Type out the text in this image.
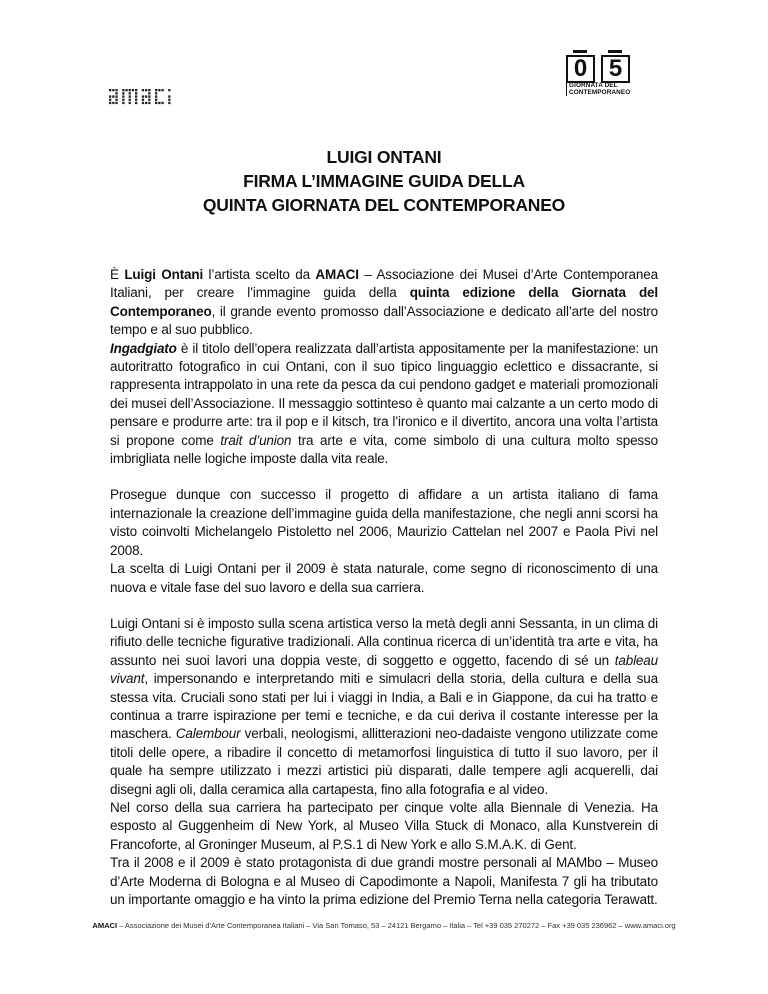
0 5
GIORNATA DEL
CONTEMPORANEO
LUIGI ONTANI
FIRMA L’IMMAGINE GUIDA DELLA
QUINTA GIORNATA DEL CONTEMPORANEO

È Luigi Ontani l’artista scelto da AMACI – Associazione dei Musei d’Arte Contemporanea Italiani, per creare l’immagine guida della quinta edizione della Giornata del Contemporaneo, il grande evento promosso dall’Associazione e dedicato all’arte del nostro tempo e al suo pubblico.

Ingadgiato è il titolo dell’opera realizzata dall’artista appositamente per la manifestazione: un autoritratto fotografico in cui Ontani, con il suo tipico linguaggio eclettico e dissacrante, si rappresenta intrappolato in una rete da pesca da cui pendono gadget e materiali promozionali dei musei dell’Associazione. Il messaggio sottinteso è quanto mai calzante a un certo modo di pensare e produrre arte: tra il pop e il kitsch, tra l’ironico e il divertito, ancora una volta l’artista si propone come trait d’union tra arte e vita, come simbolo di una cultura molto spesso imbrigliata nelle logiche imposte dalla vita reale.

Prosegue dunque con successo il progetto di affidare a un artista italiano di fama internazionale la creazione dell’immagine guida della manifestazione, che negli anni scorsi ha visto coinvolti Michelangelo Pistoletto nel 2006, Maurizio Cattelan nel 2007 e Paola Pivi nel 2008.

La scelta di Luigi Ontani per il 2009 è stata naturale, come segno di riconoscimento di una nuova e vitale fase del suo lavoro e della sua carriera.

Luigi Ontani si è imposto sulla scena artistica verso la metà degli anni Sessanta, in un clima di rifiuto delle tecniche figurative tradizionali. Alla continua ricerca di un’identità tra arte e vita, ha assunto nei suoi lavori una doppia veste, di soggetto e oggetto, facendo di sé un tableau vivant, impersonando e interpretando miti e simulacri della storia, della cultura e della sua stessa vita. Cruciali sono stati per lui i viaggi in India, a Bali e in Giappone, da cui ha tratto e continua a trarre ispirazione per temi e tecniche, e da cui deriva il costante interesse per la maschera. Calembour verbali, neologismi, allitterazioni neo-dadaiste vengono utilizzate come titoli delle opere, a ribadire il concetto di metamorfosi linguistica di tutto il suo lavoro, per il quale ha sempre utilizzato i mezzi artistici più disparati, dalle tempere agli acquerelli, dai disegni agli oli, dalla ceramica alla cartapesta, fino alla fotografia e al video.

Nel corso della sua carriera ha partecipato per cinque volte alla Biennale di Venezia. Ha esposto al Guggenheim di New York, al Museo Villa Stuck di Monaco, alla Kunstverein di Francoforte, al Groninger Museum, al P.S.1 di New York e allo S.M.A.K. di Gent.

Tra il 2008 e il 2009 è stato protagonista di due grandi mostre personali al MAMbo – Museo d’Arte Moderna di Bologna e al Museo di Capodimonte a Napoli, Manifesta 7 gli ha tributato un importante omaggio e ha vinto la prima edizione del Premio Terna nella categoria Terawatt.

AMACI – Associazione dei Musei d’Arte Contemporanea Italiani – Via San Tomaso, 53 – 24121 Bergamo – Italia – Tel +39 035 270272 – Fax +39 035 236962 – www.amaci.org
